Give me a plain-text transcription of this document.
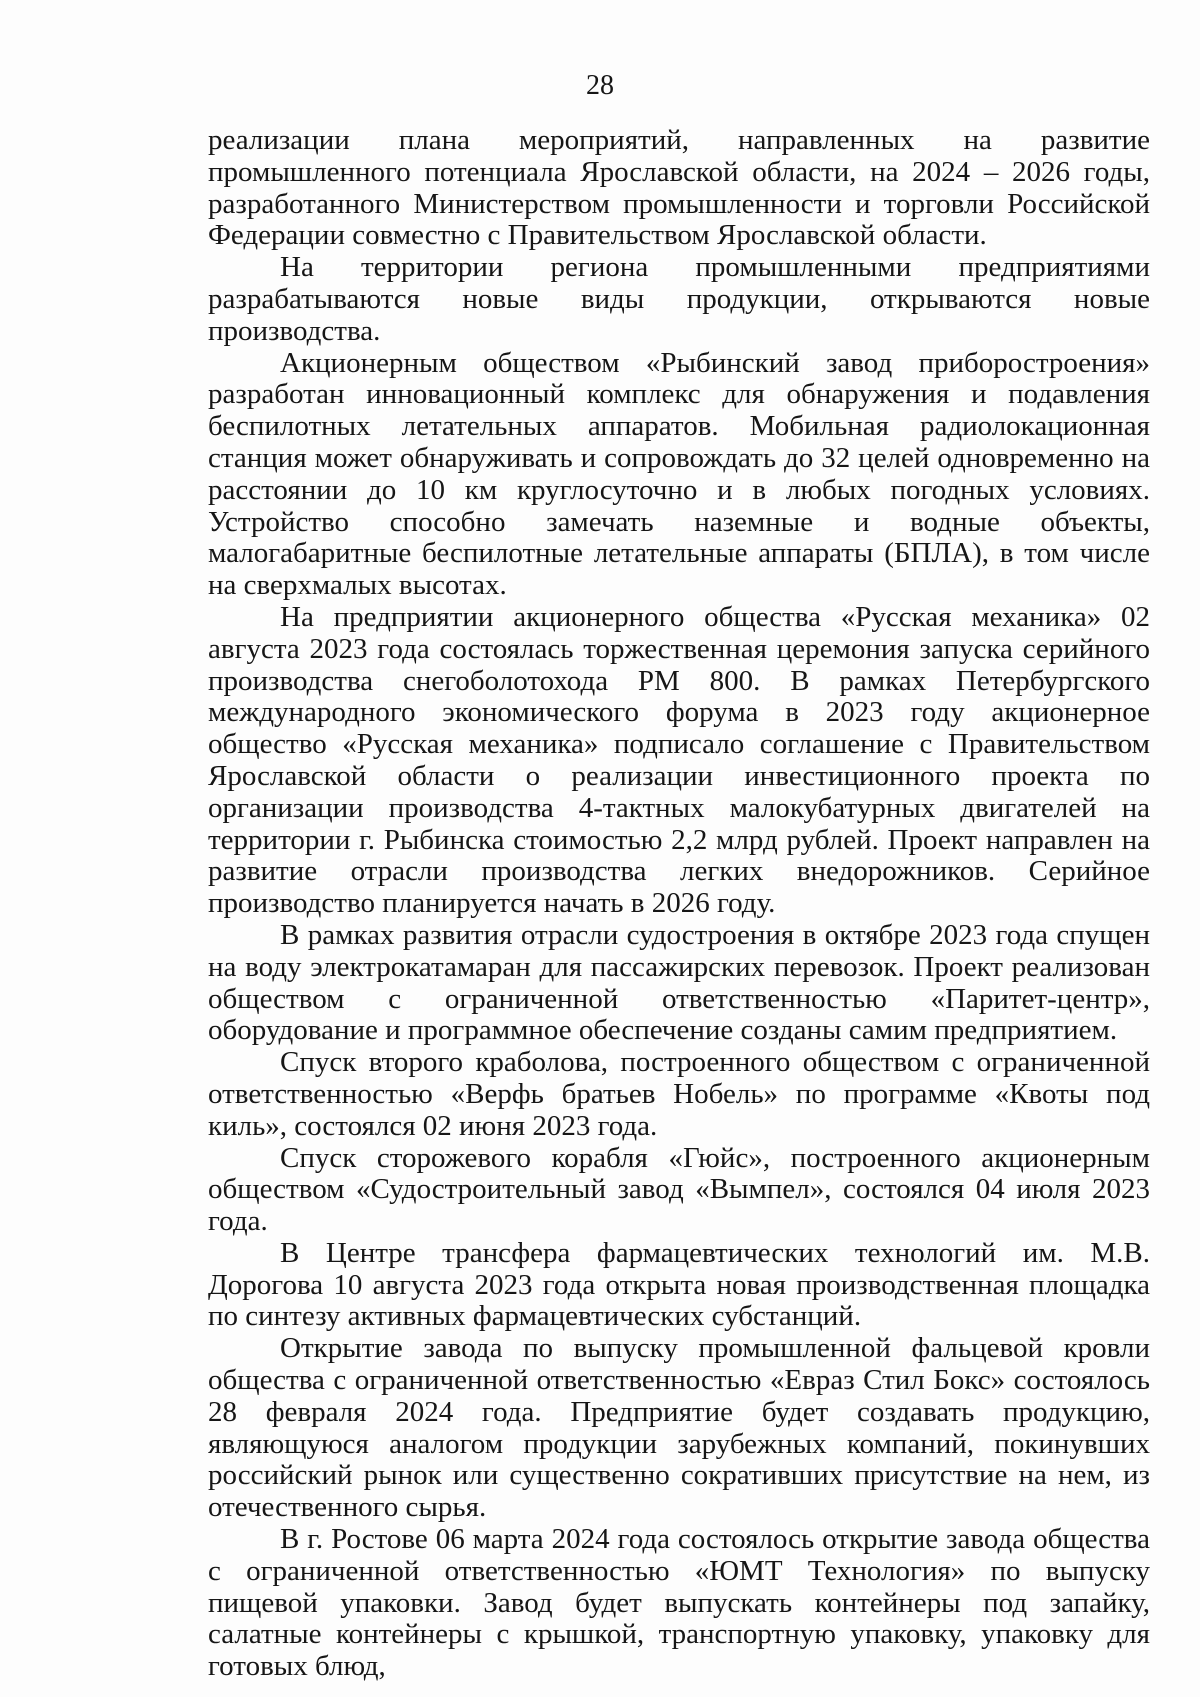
28

реализации плана мероприятий, направленных на развитие промышленного потенциала Ярославской области, на 2024 – 2026 годы, разработанного Министерством промышленности и торговли Российской Федерации совместно с Правительством Ярославской области.

На территории региона промышленными предприятиями разрабатываются новые виды продукции, открываются новые производства.

Акционерным обществом «Рыбинский завод приборостроения» разработан инновационный комплекс для обнаружения и подавления беспилотных летательных аппаратов. Мобильная радиолокационная станция может обнаруживать и сопровождать до 32 целей одновременно на расстоянии до 10 км круглосуточно и в любых погодных условиях. Устройство способно замечать наземные и водные объекты, малогабаритные беспилотные летательные аппараты (БПЛА), в том числе на сверхмалых высотах.

На предприятии акционерного общества «Русская механика» 02 августа 2023 года состоялась торжественная церемония запуска серийного производства снегоболотохода РМ 800. В рамках Петербургского международного экономического форума в 2023 году акционерное общество «Русская механика» подписало соглашение с Правительством Ярославской области о реализации инвестиционного проекта по организации производства 4-тактных малокубатурных двигателей на территории г. Рыбинска стоимостью 2,2 млрд рублей. Проект направлен на развитие отрасли производства легких внедорожников. Серийное производство планируется начать в 2026 году.

В рамках развития отрасли судостроения в октябре 2023 года спущен на воду электрокатамаран для пассажирских перевозок. Проект реализован обществом с ограниченной ответственностью «Паритет-центр», оборудование и программное обеспечение созданы самим предприятием.

Спуск второго краболова, построенного обществом с ограниченной ответственностью «Верфь братьев Нобель» по программе «Квоты под киль», состоялся 02 июня 2023 года.

Спуск сторожевого корабля «Гюйс», построенного акционерным обществом «Судостроительный завод «Вымпел», состоялся 04 июля 2023 года.

В Центре трансфера фармацевтических технологий им. М.В. Дорогова 10 августа 2023 года открыта новая производственная площадка по синтезу активных фармацевтических субстанций.

Открытие завода по выпуску промышленной фальцевой кровли общества с ограниченной ответственностью «Евраз Стил Бокс» состоялось 28 февраля 2024 года. Предприятие будет создавать продукцию, являющуюся аналогом продукции зарубежных компаний, покинувших российский рынок или существенно сокративших присутствие на нем, из отечественного сырья.

В г. Ростове 06 марта 2024 года состоялось открытие завода общества с ограниченной ответственностью «ЮМТ Технология» по выпуску пищевой упаковки. Завод будет выпускать контейнеры под запайку, салатные контейнеры с крышкой, транспортную упаковку, упаковку для готовых блюд,
